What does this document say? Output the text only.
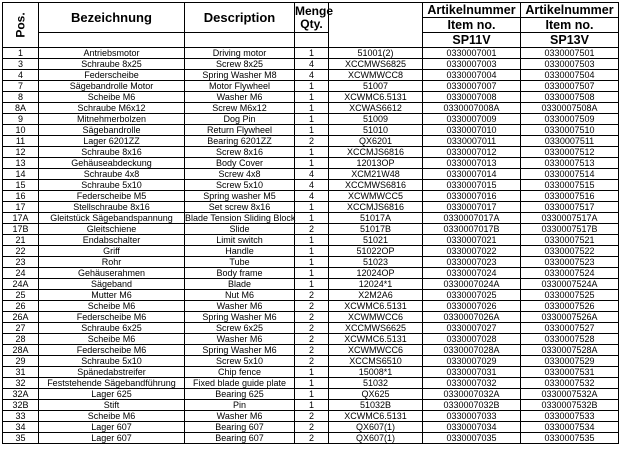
Pos.	Bezeichnung	Description	Menge
Qty.		Artikelnummer	Artikelnummer
					Item no.	Item no.
					SP11V	SP13V
1	Antriebsmotor	Driving motor	1	51001(2)	0330007001	0330007501
3	Schraube 8x25	Screw 8x25	4	XCCMWS6825	0330007003	0330007503
4	Federscheibe	Spring Washer M8	4	XCWMWCC8	0330007004	0330007504
7	Sägebandrolle Motor	Motor Flywheel	1	51007	0330007007	0330007507
8	Scheibe M6	Washer M6	1	XCWMC6.5131	0330007008	0330007508
8A	Schraube M6x12	Screw M6x12	1	XCWAS6612	0330007008A	0330007508A
9	Mitnehmerbolzen	Dog Pin	1	51009	0330007009	0330007509
10	Sägebandrolle	Return Flywheel	1	51010	0330007010	0330007510
11	Lager 6201ZZ	Bearing 6201ZZ	2	QX6201	0330007011	0330007511
12	Schraube 8x16	Screw 8x16	1	XCCMJS6816	0330007012	0330007512
13	Gehäuseabdeckung	Body Cover	1	12013OP	0330007013	0330007513
14	Schraube 4x8	Screw 4x8	4	XCM21W48	0330007014	0330007514
15	Schraube 5x10	Screw 5x10	4	XCCMWS6816	0330007015	0330007515
16	Federscheibe M5	Spring washer M5	4	XCWMWCC5	0330007016	0330007516
17	Stellschraube 8x16	Set screw 8x16	1	XCCMJS6816	0330007017	0330007517
17A	Gleitstück Sägebandspannung	Blade Tension Sliding Block	1	51017A	0330007017A	0330007517A
17B	Gleitschiene	Slide	2	51017B	0330007017B	0330007517B
21	Endabschalter	Limit switch	1	51021	0330007021	0330007521
22	Griff	Handle	1	51022OP	0330007022	0330007522
23	Rohr	Tube	1	51023	0330007023	0330007523
24	Gehäuserahmen	Body frame	1	12024OP	0330007024	0330007524
24A	Sägeband	Blade	1	12024*1	0330007024A	0330007524A
25	Mutter M6	Nut M6	2	X2M2A6	0330007025	0330007525
26	Scheibe M6	Washer M6	2	XCWMC6.5131	0330007026	0330007526
26A	Federscheibe M6	Spring Washer M6	2	XCWMWCC6	0330007026A	0330007526A
27	Schraube 6x25	Screw 6x25	2	XCCMWS6625	0330007027	0330007527
28	Scheibe M6	Washer M6	2	XCWMC6.5131	0330007028	0330007528
28A	Federscheibe M6	Spring Washer M6	2	XCWMWCC6	0330007028A	0330007528A
29	Schraube 5x10	Screw 5x10	2	XCCMS6510	0330007029	0330007529
31	Spänedabstreifer	Chip fence	1	15008*1	0330007031	0330007531
32	Feststehende Sägebandführung	Fixed blade guide plate	1	51032	0330007032	0330007532
32A	Lager 625	Bearing 625	1	QX625	0330007032A	0330007532A
32B	Stift	Pin	1	51032B	0330007032B	0330007532B
33	Scheibe M6	Washer M6	2	XCWMC6.5131	0330007033	0330007533
34	Lager 607	Bearing 607	2	QX607(1)	0330007034	0330007534
35	Lager 607	Bearing 607	2	QX607(1)	0330007035	0330007535
